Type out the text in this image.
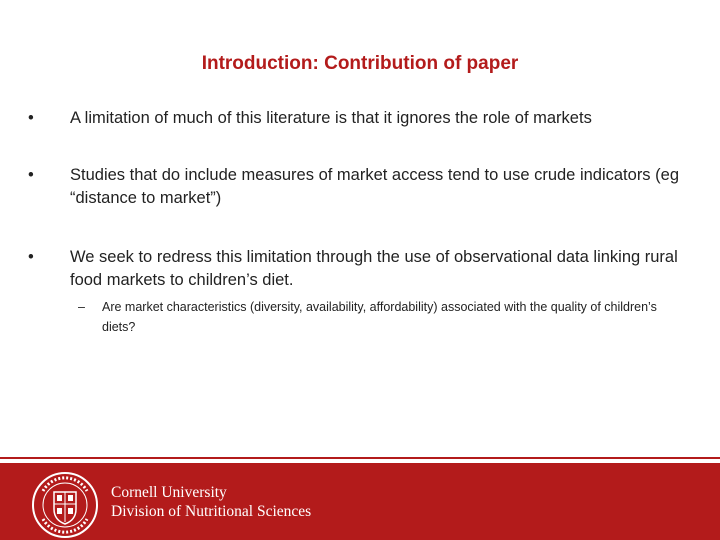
Introduction: Contribution of paper
•	A limitation of much of this literature is that it ignores the role of markets
•	Studies that do include measures of market access tend to use crude indicators (eg “distance to market”)
•	We seek to redress this limitation through the use of observational data linking rural food markets to children’s diet.
–	Are market characteristics (diversity, availability, affordability) associated with the quality of children’s diets?
Cornell University
Division of Nutritional Sciences
